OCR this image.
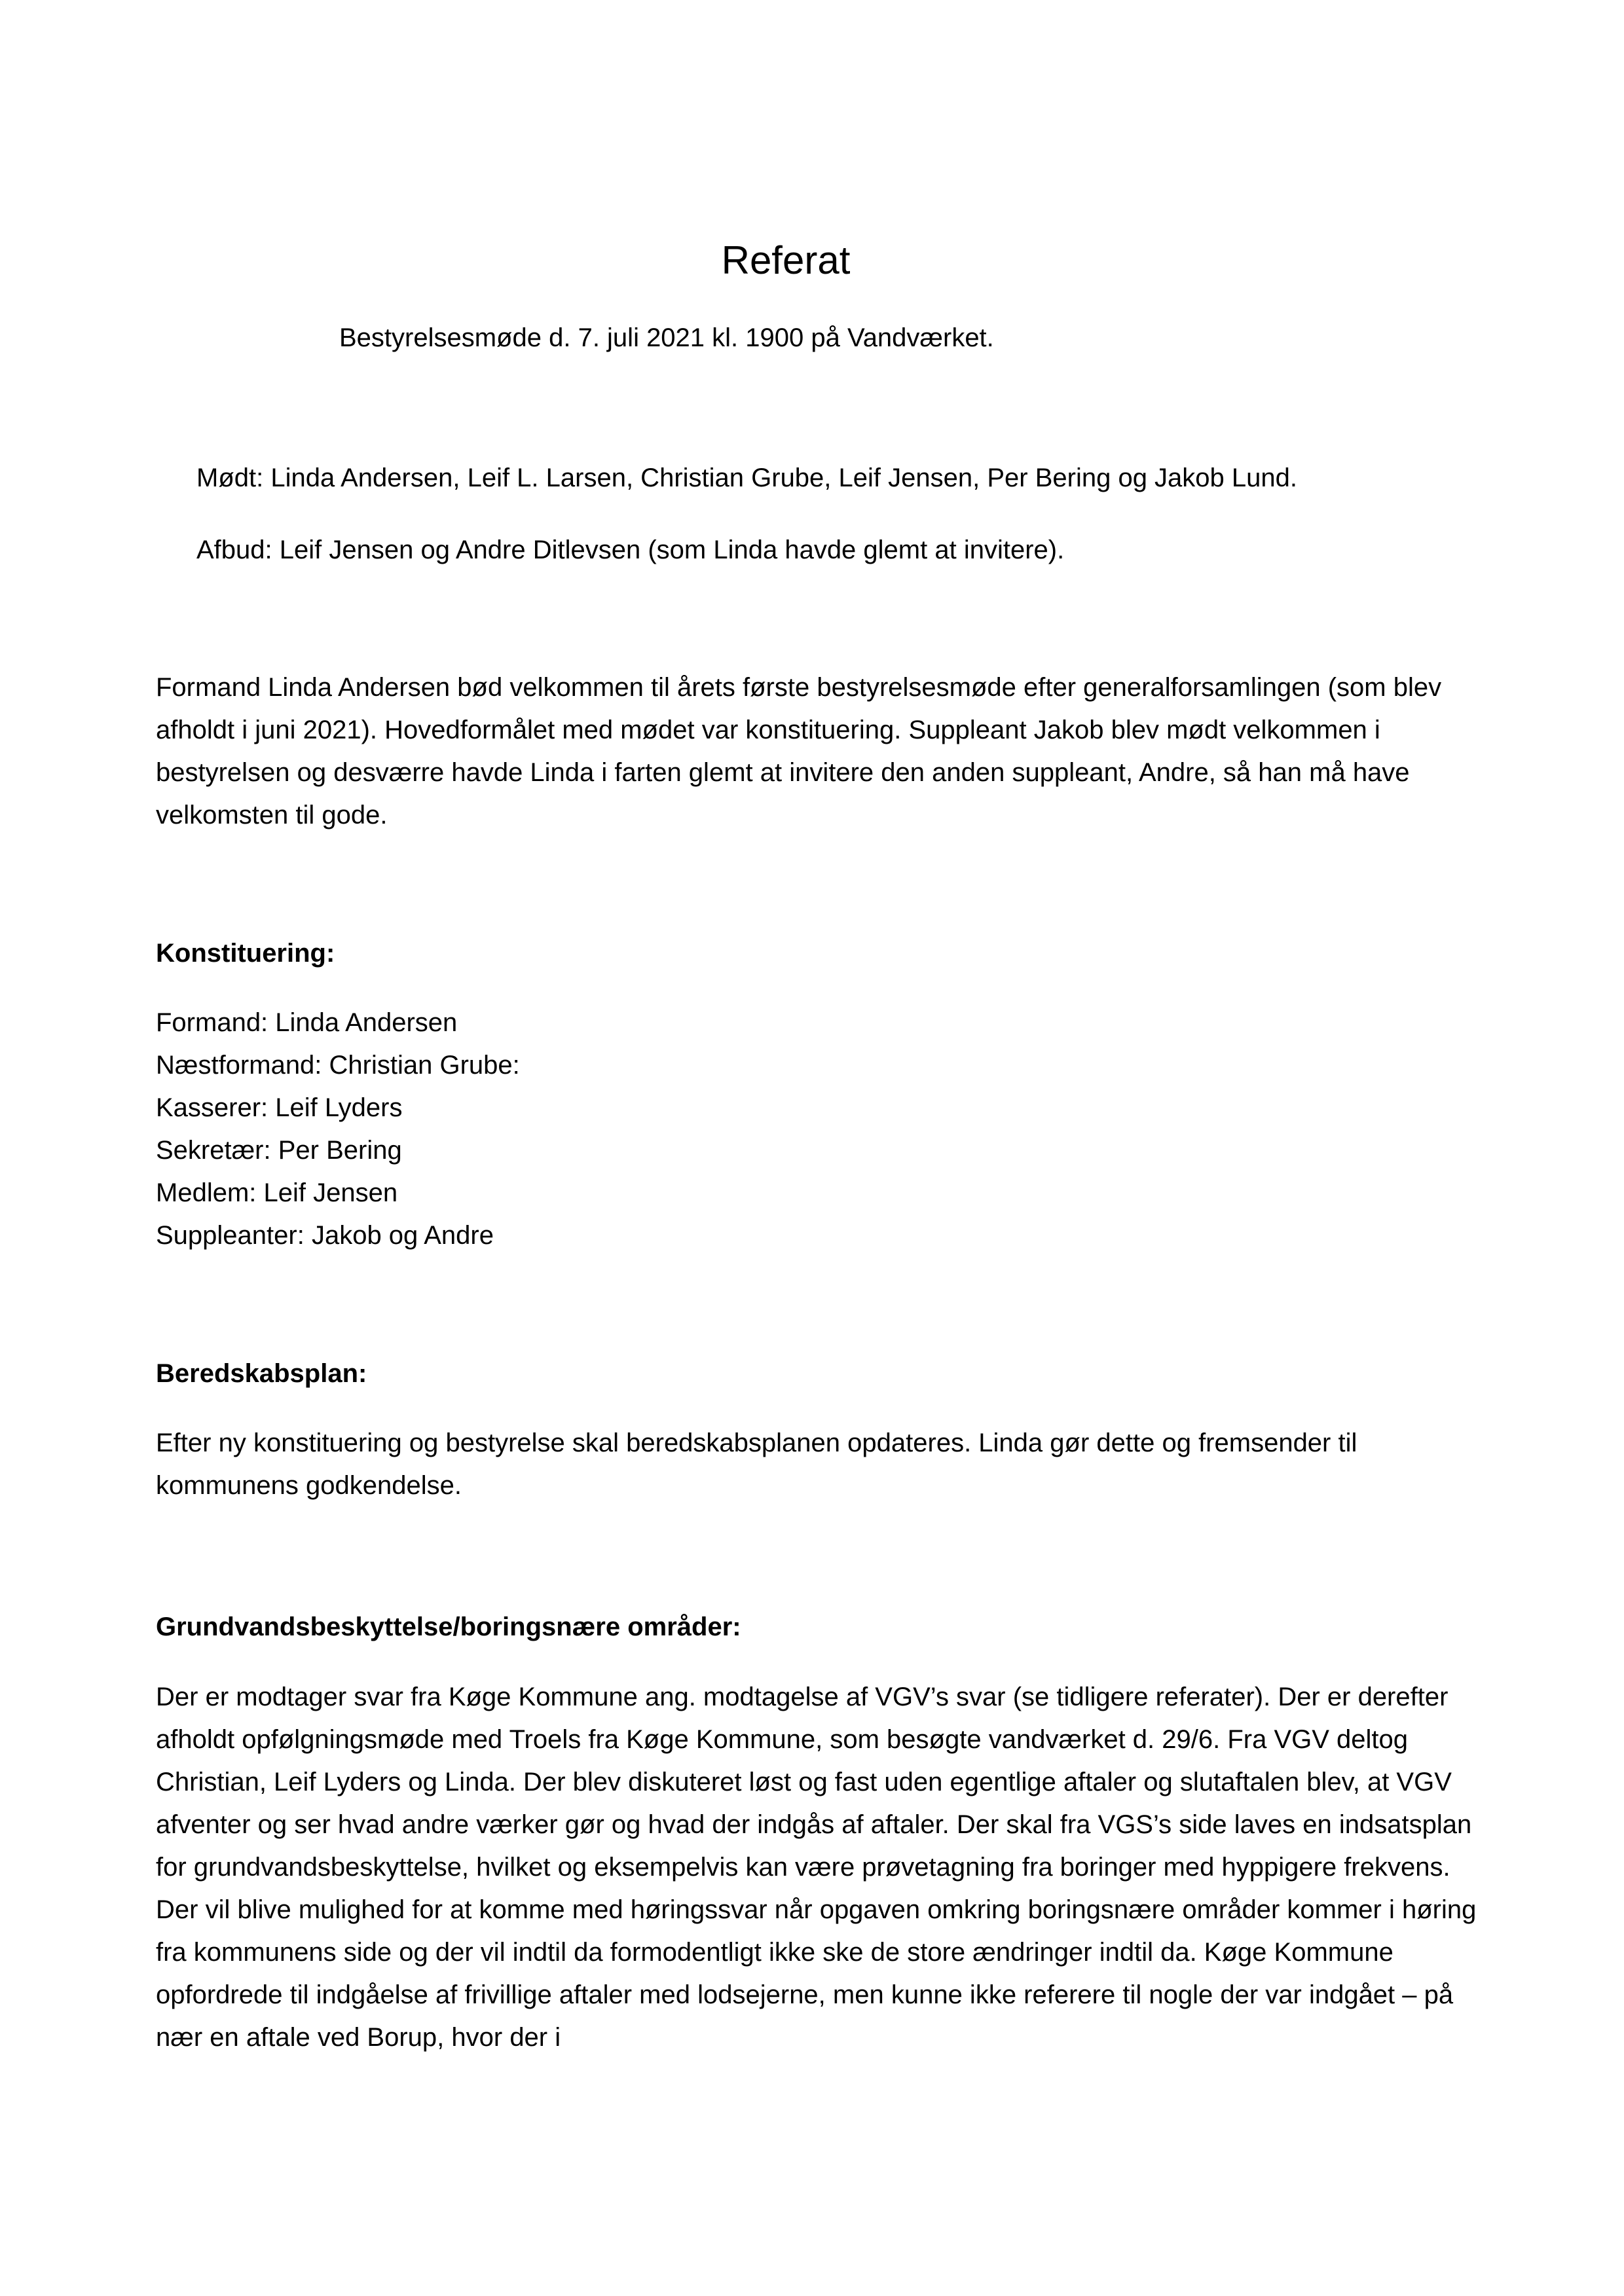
Referat

Bestyrelsesmøde d. 7. juli 2021 kl. 1900 på Vandværket.

Mødt: Linda Andersen, Leif L. Larsen, Christian Grube, Leif Jensen, Per Bering og Jakob Lund.

Afbud: Leif Jensen og Andre Ditlevsen (som Linda havde glemt at invitere).

Formand Linda Andersen bød velkommen til årets første bestyrelsesmøde efter generalforsamlingen (som blev afholdt i juni 2021). Hovedformålet med mødet var konstituering. Suppleant Jakob blev mødt velkommen i bestyrelsen og desværre havde Linda i farten glemt at invitere den anden suppleant, Andre, så han må have velkomsten til gode.

Konstituering:

Formand: Linda Andersen
Næstformand: Christian Grube:
Kasserer: Leif Lyders
Sekretær: Per Bering
Medlem: Leif Jensen
Suppleanter: Jakob og Andre

Beredskabsplan:

Efter ny konstituering og bestyrelse skal beredskabsplanen opdateres. Linda gør dette og fremsender til kommunens godkendelse.

Grundvandsbeskyttelse/boringsnære områder:

Der er modtager svar fra Køge Kommune ang. modtagelse af VGV’s svar (se tidligere referater). Der er derefter afholdt opfølgningsmøde med Troels fra Køge Kommune, som besøgte vandværket d. 29/6. Fra VGV deltog Christian, Leif Lyders og Linda. Der blev diskuteret løst og fast uden egentlige aftaler og slutaftalen blev, at VGV afventer og ser hvad andre værker gør og hvad der indgås af aftaler. Der skal fra VGS’s side laves en indsatsplan for grundvandsbeskyttelse, hvilket og eksempelvis kan være prøvetagning fra boringer med hyppigere frekvens. Der vil blive mulighed for at komme med høringssvar når opgaven omkring boringsnære områder kommer i høring fra kommunens side og der vil indtil da formodentligt ikke ske de store ændringer indtil da. Køge Kommune opfordrede til indgåelse af frivillige aftaler med lodsejerne, men kunne ikke referere til nogle der var indgået – på nær en aftale ved Borup, hvor der i
